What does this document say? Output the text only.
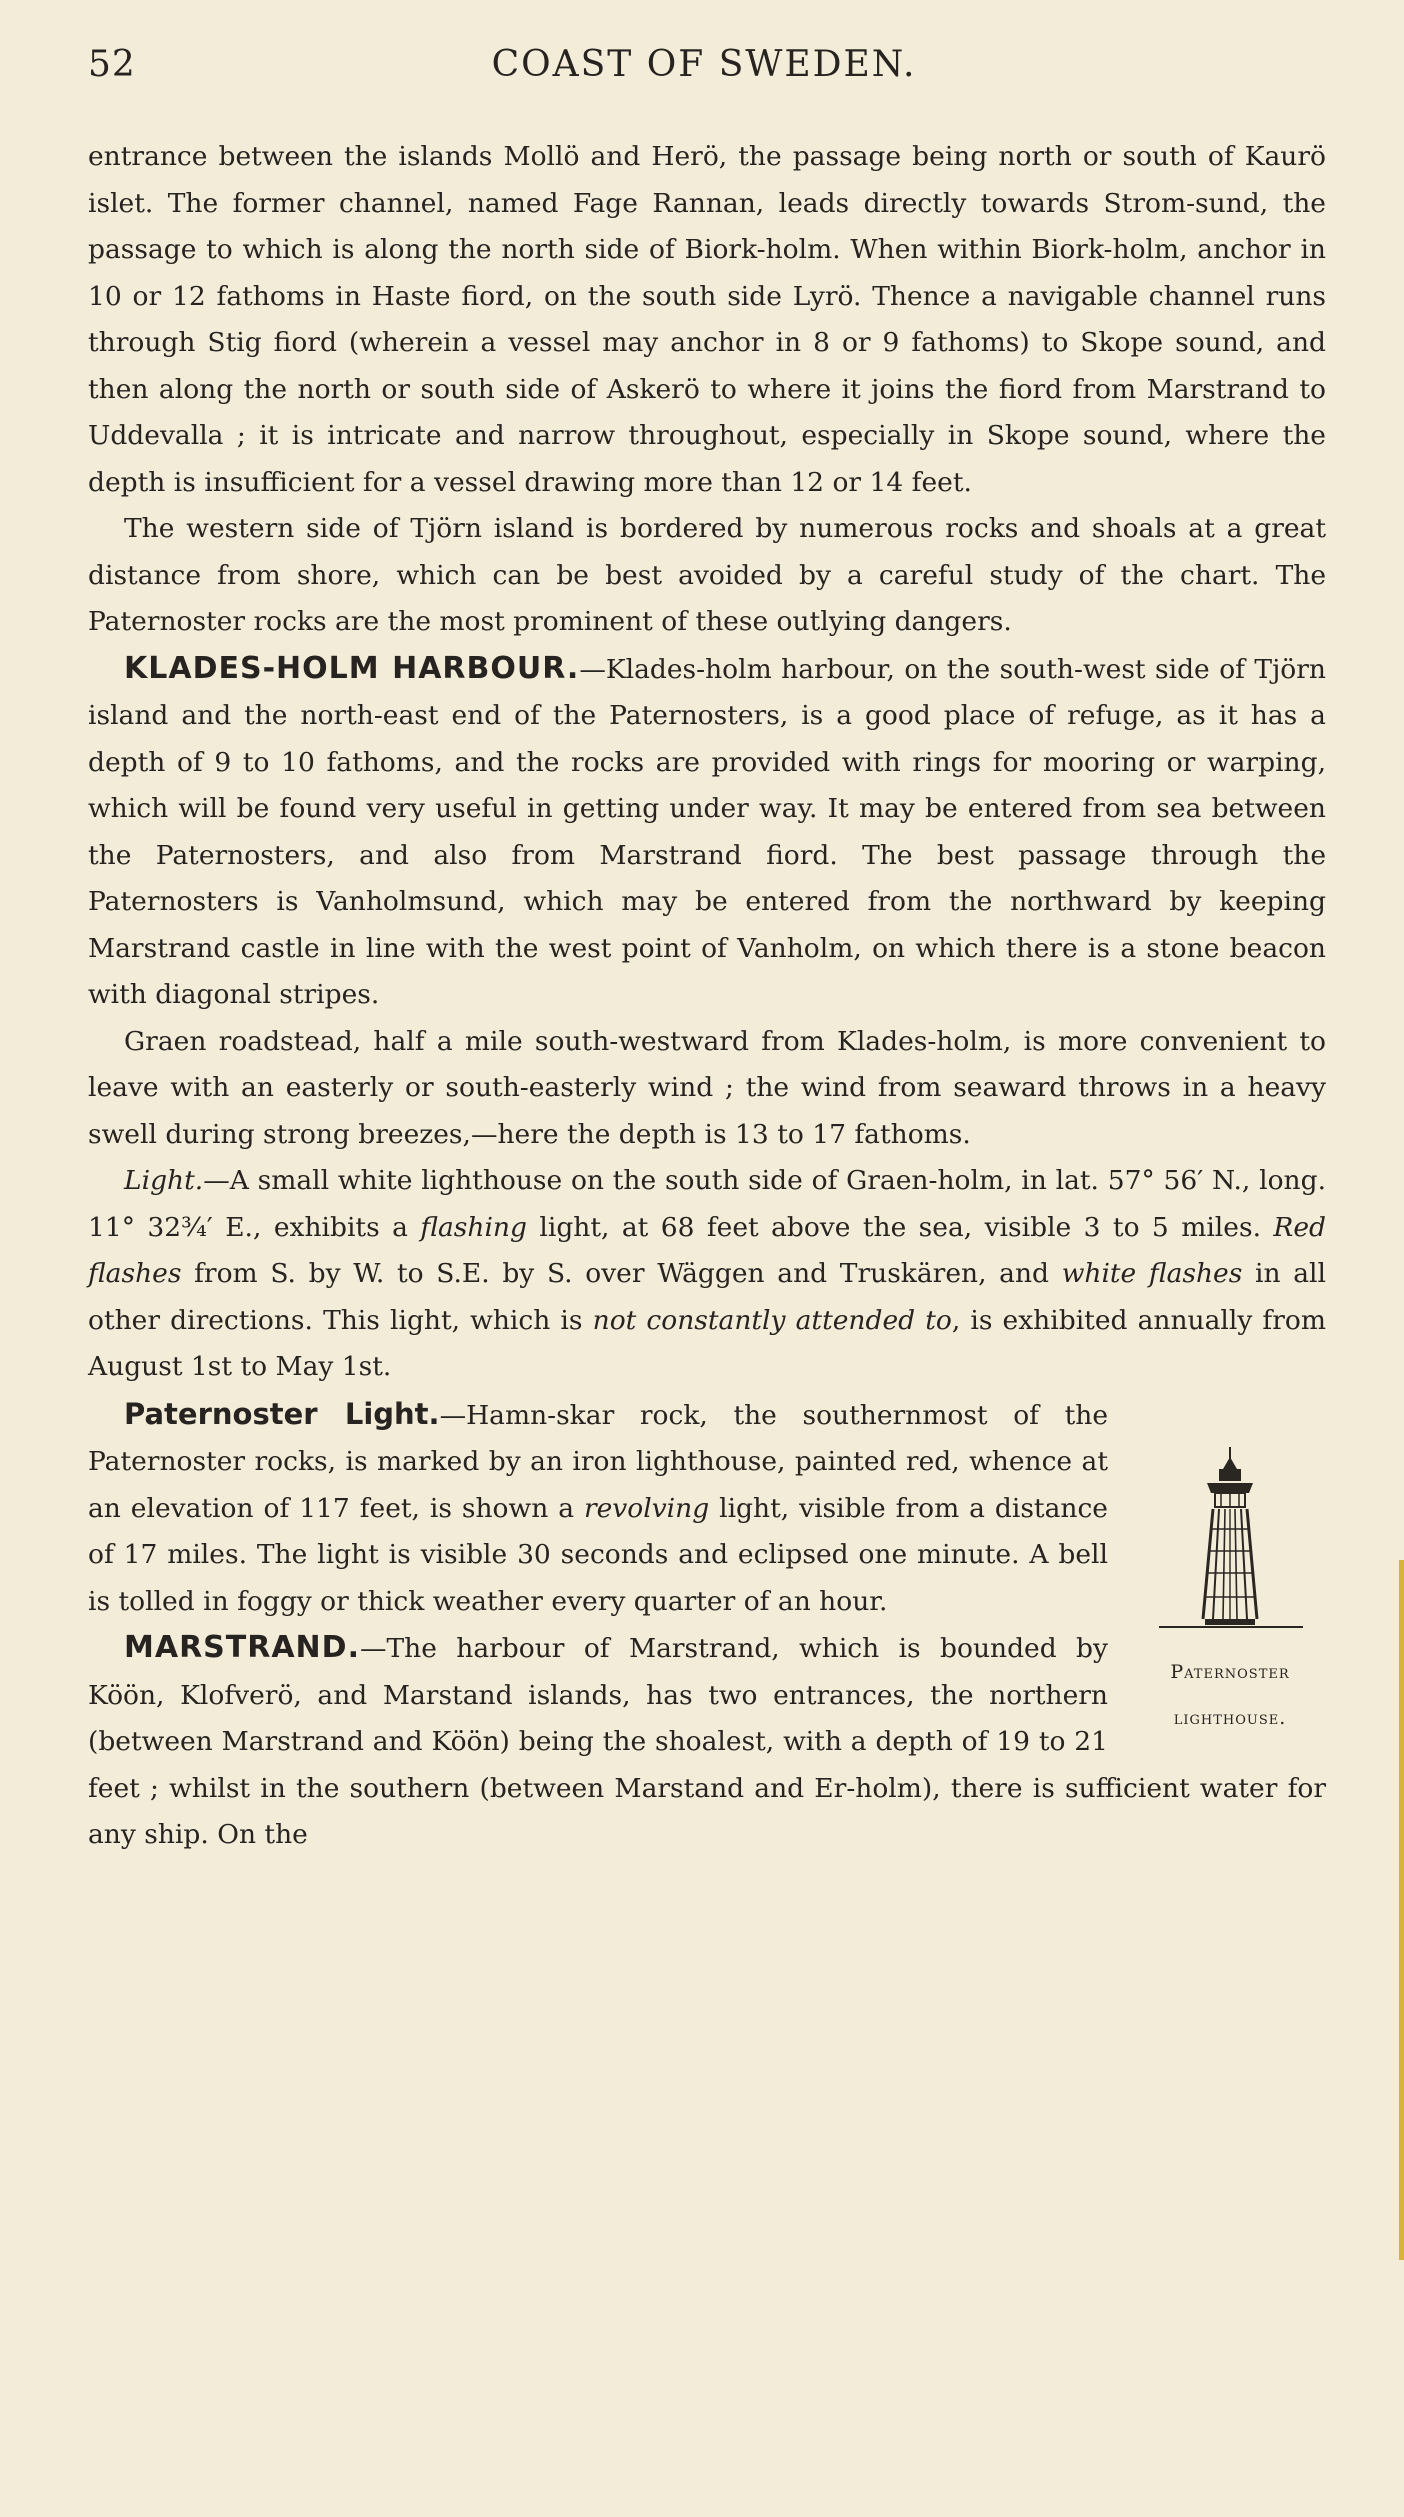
52	COAST OF SWEDEN.

entrance between the islands Mollö and Herö, the passage being north or south of Kaurö islet. The former channel, named Fage Rannan, leads directly towards Strom-sund, the passage to which is along the north side of Biork-holm. When within Biork-holm, anchor in 10 or 12 fathoms in Haste fiord, on the south side Lyrö. Thence a navigable channel runs through Stig fiord (wherein a vessel may anchor in 8 or 9 fathoms) to Skope sound, and then along the north or south side of Askerö to where it joins the fiord from Marstrand to Uddevalla ; it is intricate and narrow throughout, especially in Skope sound, where the depth is insufficient for a vessel drawing more than 12 or 14 feet.

The western side of Tjörn island is bordered by numerous rocks and shoals at a great distance from shore, which can be best avoided by a careful study of the chart. The Paternoster rocks are the most prominent of these outlying dangers.

KLADES-HOLM HARBOUR.—Klades-holm harbour, on the south-west side of Tjörn island and the north-east end of the Paternosters, is a good place of refuge, as it has a depth of 9 to 10 fathoms, and the rocks are provided with rings for mooring or warping, which will be found very useful in getting under way. It may be entered from sea between the Paternosters, and also from Marstrand fiord. The best passage through the Paternosters is Vanholmsund, which may be entered from the northward by keeping Marstrand castle in line with the west point of Vanholm, on which there is a stone beacon with diagonal stripes.

Graen roadstead, half a mile south-westward from Klades-holm, is more convenient to leave with an easterly or south-easterly wind ; the wind from seaward throws in a heavy swell during strong breezes,—here the depth is 13 to 17 fathoms.

Light.—A small white lighthouse on the south side of Graen-holm, in lat. 57° 56′ N., long. 11° 32¾′ E., exhibits a flashing light, at 68 feet above the sea, visible 3 to 5 miles. Red flashes from S. by W. to S.E. by S. over Wäggen and Truskären, and white flashes in all other directions. This light, which is not constantly attended to, is exhibited annually from August 1st to May 1st.

Paternoster
lighthouse.
Paternoster Light.—Hamn-skar rock, the southernmost of the Paternoster rocks, is marked by an iron lighthouse, painted red, whence at an elevation of 117 feet, is shown a revolving light, visible from a distance of 17 miles. The light is visible 30 seconds and eclipsed one minute. A bell is tolled in foggy or thick weather every quarter of an hour.

MARSTRAND.—The harbour of Marstrand, which is bounded by Köön, Klofverö, and Marstand islands, has two entrances, the northern (between Marstrand and Köön) being the shoalest, with a depth of 19 to 21 feet ; whilst in the southern (between Marstand and Er-holm), there is sufficient water for any ship. On the
